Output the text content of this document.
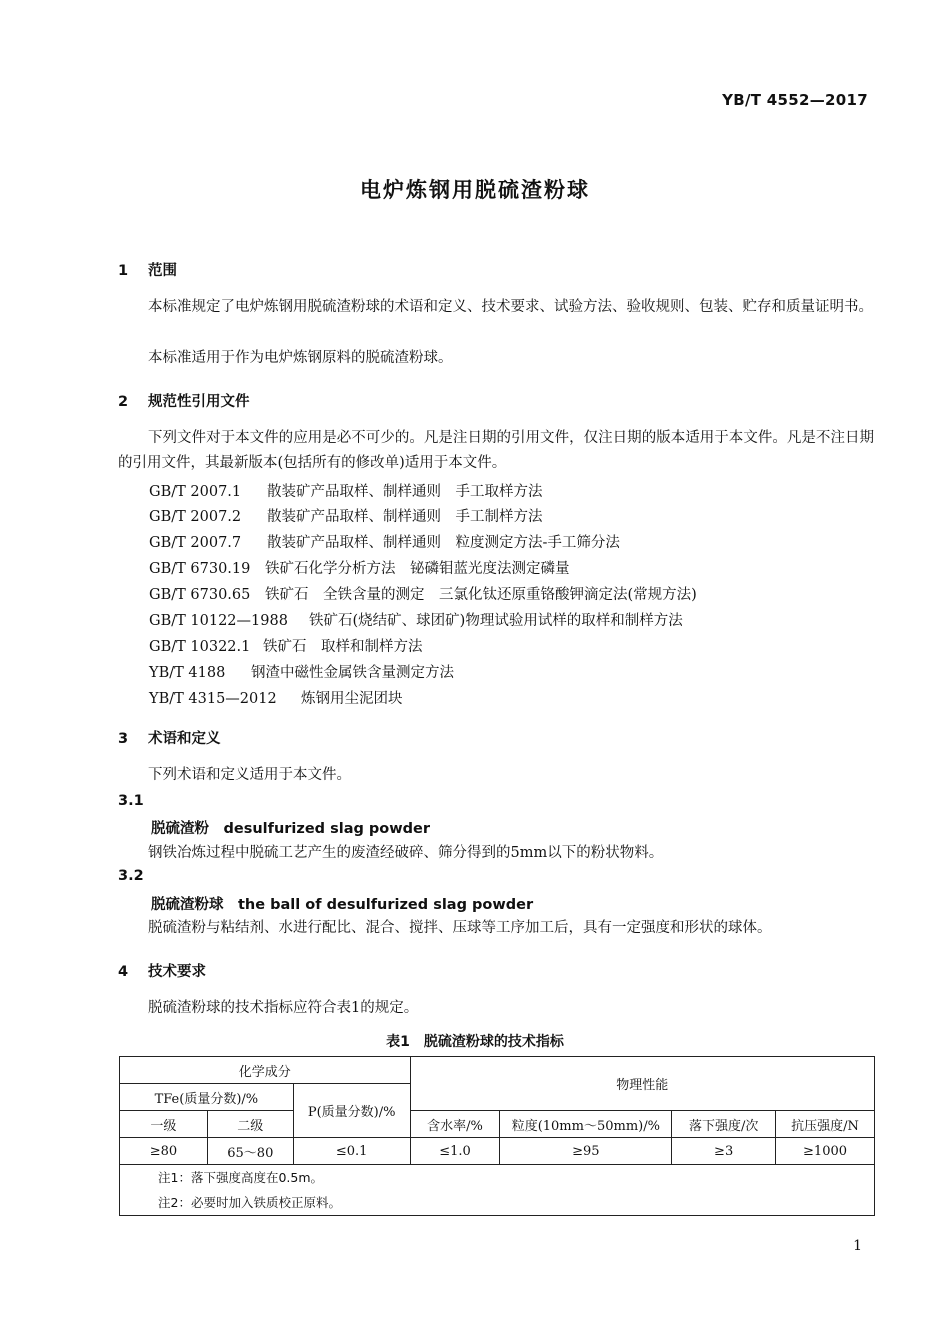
YB/T 4552—2017
电炉炼钢用脱硫渣粉球
1 范围
本标准规定了电炉炼钢用脱硫渣粉球的术语和定义、技术要求、试验方法、验收规则、包装、贮存和质量证明书。
本标准适用于作为电炉炼钢原料的脱硫渣粉球。
2 规范性引用文件
下列文件对于本文件的应用是必不可少的。凡是注日期的引用文件，仅注日期的版本适用于本文件。凡是不注日期的引用文件，其最新版本(包括所有的修改单)适用于本文件。
GB/T 2007.1 散装矿产品取样、制样通则　手工取样方法
GB/T 2007.2 散装矿产品取样、制样通则　手工制样方法
GB/T 2007.7 散装矿产品取样、制样通则　粒度测定方法-手工筛分法
GB/T 6730.19 铁矿石化学分析方法　铋磷钼蓝光度法测定磷量
GB/T 6730.65 铁矿石　全铁含量的测定　三氯化钛还原重铬酸钾滴定法(常规方法)
GB/T 10122—1988 铁矿石(烧结矿、球团矿)物理试验用试样的取样和制样方法
GB/T 10322.1 铁矿石　取样和制样方法
YB/T 4188 钢渣中磁性金属铁含量测定方法
YB/T 4315—2012 炼钢用尘泥团块
3 术语和定义
下列术语和定义适用于本文件。
3.1
脱硫渣粉　desulfurized slag powder
钢铁冶炼过程中脱硫工艺产生的废渣经破碎、筛分得到的5mm以下的粉状物料。
3.2
脱硫渣粉球　the ball of desulfurized slag powder
脱硫渣粉与粘结剂、水进行配比、混合、搅拌、压球等工序加工后，具有一定强度和形状的球体。
4 技术要求
脱硫渣粉球的技术指标应符合表1的规定。
表1　脱硫渣粉球的技术指标
化学成分			物理性能			
TFe(质量分数)/%		P(质量分数)/%				
一级	二级		含水率/%	粒度(10mm～50mm)/%	落下强度/次	抗压强度/N
≥80	65～80	≤0.1	≤1.0	≥95	≥3	≥1000

注1：落下强度高度在0.5m。
注2：必要时加入铁质校正原料。						
1
